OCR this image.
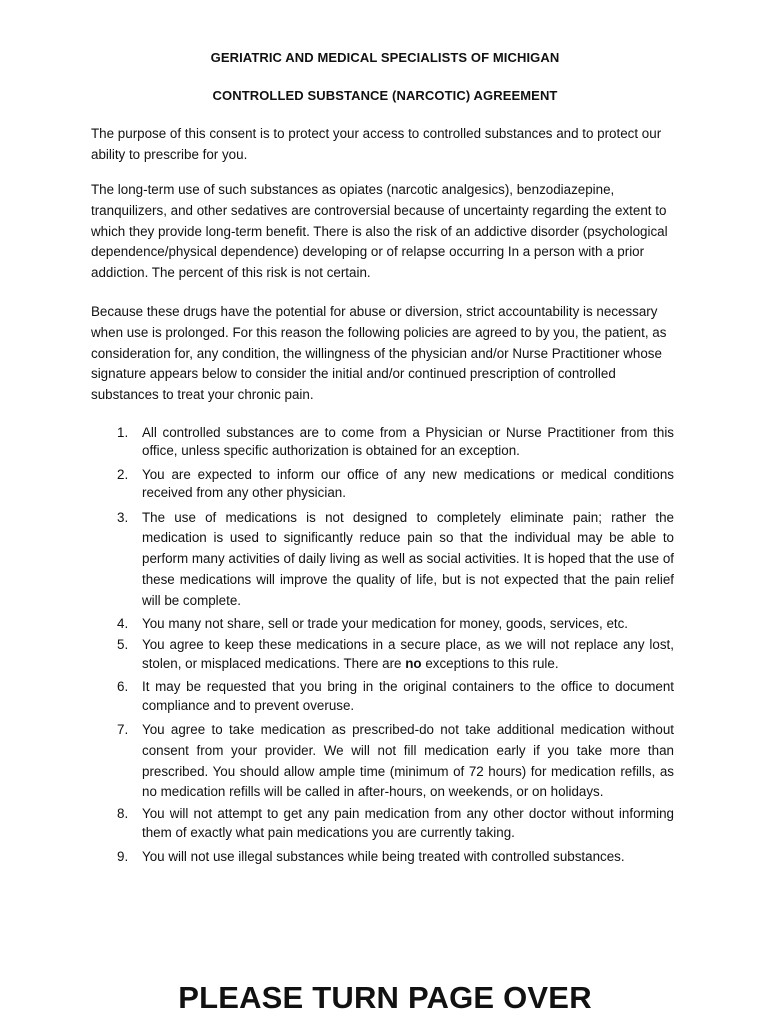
GERIATRIC AND MEDICAL SPECIALISTS OF MICHIGAN
CONTROLLED SUBSTANCE (NARCOTIC) AGREEMENT

The purpose of this consent is to protect your access to controlled substances and to protect our ability to prescribe for you.

The long-term use of such substances as opiates (narcotic analgesics), benzodiazepine, tranquilizers, and other sedatives are controversial because of uncertainty regarding the extent to which they provide long-term benefit. There is also the risk of an addictive disorder (psychological dependence/physical dependence) developing or of relapse occurring In a person with a prior addiction. The percent of this risk is not certain.

Because these drugs have the potential for abuse or diversion, strict accountability is necessary when use is prolonged. For this reason the following policies are agreed to by you, the patient, as consideration for, any condition, the willingness of the physician and/or Nurse Practitioner whose signature appears below to consider the initial and/or continued prescription of controlled substances to treat your chronic pain.

1. All controlled substances are to come from a Physician or Nurse Practitioner from this office, unless specific authorization is obtained for an exception.
2. You are expected to inform our office of any new medications or medical conditions received from any other physician.
3. The use of medications is not designed to completely eliminate pain; rather the medication is used to significantly reduce pain so that the individual may be able to perform many activities of daily living as well as social activities. It is hoped that the use of these medications will improve the quality of life, but is not expected that the pain relief will be complete.
4. You many not share, sell or trade your medication for money, goods, services, etc.
5. You agree to keep these medications in a secure place, as we will not replace any lost, stolen, or misplaced medications. There are no exceptions to this rule.
6. It may be requested that you bring in the original containers to the office to document compliance and to prevent overuse.
7. You agree to take medication as prescribed-do not take additional medication without consent from your provider. We will not fill medication early if you take more than prescribed. You should allow ample time (minimum of 72 hours) for medication refills, as no medication refills will be called in after-hours, on weekends, or on holidays.
8. You will not attempt to get any pain medication from any other doctor without informing them of exactly what pain medications you are currently taking.
9. You will not use illegal substances while being treated with controlled substances.
PLEASE TURN PAGE OVER
